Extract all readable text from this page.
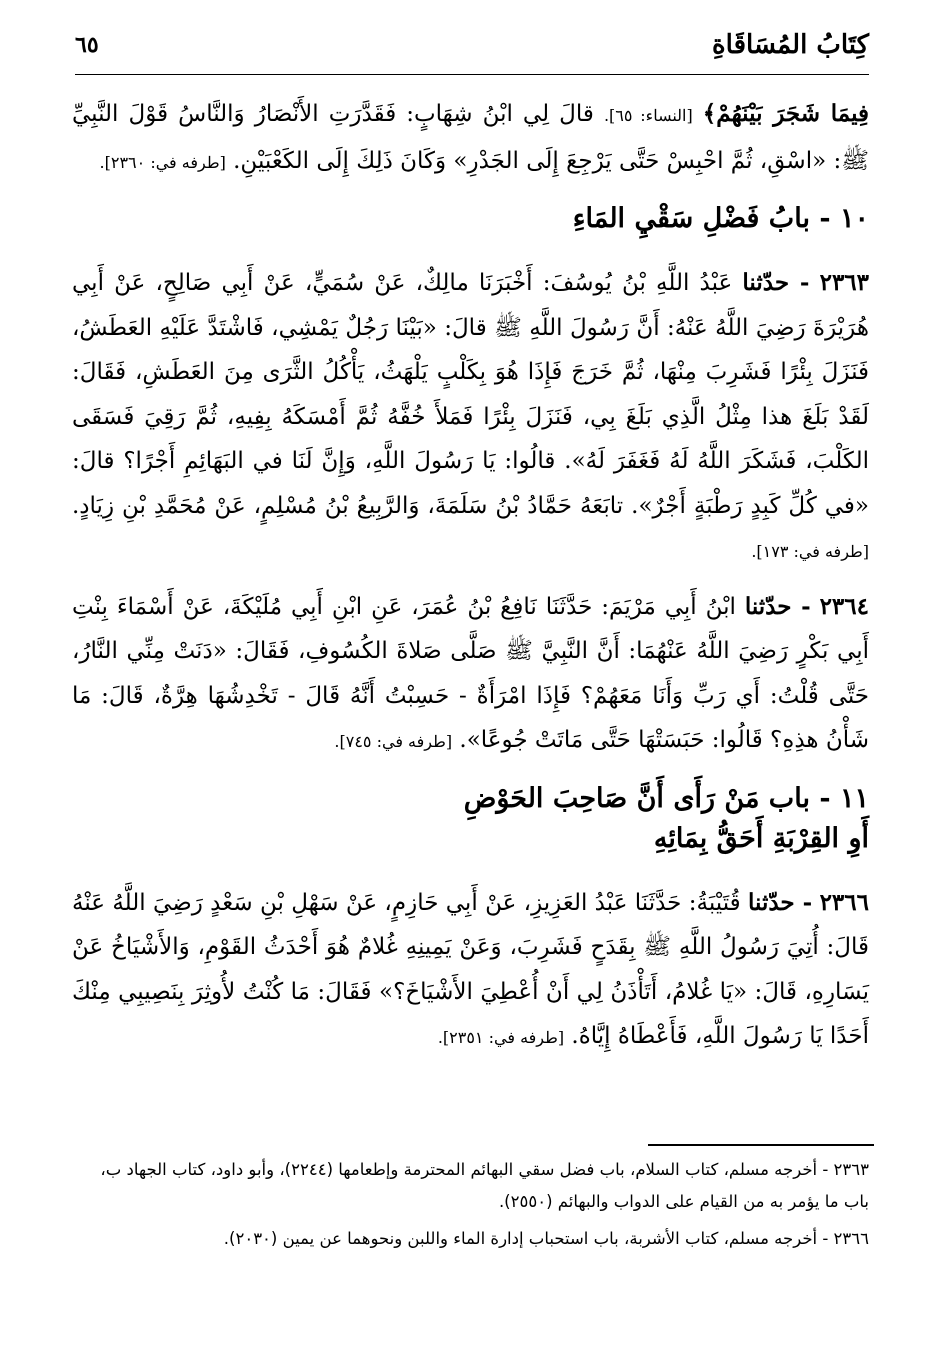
كِتَابُ المُسَاقَاةِ
٦٥

فِيمَا شَجَرَ بَيْنَهُمْ﴾ [النساء: ٦٥]. قالَ لِي ابْنُ شِهَابٍ: فَقَدَّرَتِ الأَنْصَارُ وَالنَّاسُ قَوْلَ النَّبِيِّ ﷺ: «اسْقِ، ثُمَّ احْبِسْ حَتَّى يَرْجِعَ إِلَى الجَدْرِ» وَكَانَ ذَلِكَ إِلَى الكَعْبَيْنِ. [طرفه في: ٢٣٦٠].

١٠ - بابُ فَضْلِ سَقْيِ المَاءِ

٢٣٦٣ - حدّثنا عَبْدُ اللَّهِ بْنُ يُوسُفَ: أَخْبَرَنَا مالِكٌ، عَنْ سُمَيٍّ، عَنْ أَبِي صَالِحٍ، عَنْ أَبِي هُرَيْرَةَ رَضِيَ اللَّهُ عَنْهُ: أَنَّ رَسُولَ اللَّهِ ﷺ قالَ: «بَيْنَا رَجُلٌ يَمْشِي، فَاشْتَدَّ عَلَيْهِ العَطَشُ، فَنَزَلَ بِئْرًا فَشَرِبَ مِنْهَا، ثُمَّ خَرَجَ فَإِذَا هُوَ بِكَلْبٍ يَلْهَثُ، يَأْكُلُ الثَّرَى مِنَ العَطَشِ، فَقَالَ: لَقَدْ بَلَغَ هذا مِثْلُ الَّذِي بَلَغَ بِي، فَنَزَلَ بِئْرًا فَمَلأَ خُفَّهُ ثُمَّ أَمْسَكَهُ بِفِيهِ، ثُمَّ رَقِيَ فَسَقَى الكَلْبَ، فَشَكَرَ اللَّهُ لَهُ فَغَفَرَ لَهُ». قالُوا: يَا رَسُولَ اللَّهِ، وَإِنَّ لَنَا في البَهَائِمِ أَجْرًا؟ قالَ: «في كُلِّ كَبِدٍ رَطْبَةٍ أَجْرٌ». تابَعَهُ حَمَّادُ بْنُ سَلَمَةَ، وَالرَّبِيعُ بْنُ مُسْلِمٍ، عَنْ مُحَمَّدِ بْنِ زِيَادٍ. [طرفه في: ١٧٣].

٢٣٦٤ - حدّثنا ابْنُ أَبِي مَرْيَمَ: حَدَّثَنَا نَافِعُ بْنُ عُمَرَ، عَنِ ابْنِ أَبِي مُلَيْكَةَ، عَنْ أَسْمَاءَ بِنْتِ أَبِي بَكْرٍ رَضِيَ اللَّهُ عَنْهُمَا: أَنَّ النَّبِيَّ ﷺ صَلَّى صَلاةَ الكُسُوفِ، فَقَالَ: «دَنَتْ مِنِّي النَّارُ، حَتَّى قُلْتُ: أَي رَبِّ وَأَنَا مَعَهُمْ؟ فَإِذَا امْرَأَةٌ - حَسِبْتُ أَنَّهُ قَالَ - تَخْدِشُهَا هِرَّةٌ، قَالَ: مَا شَأْنُ هذِهِ؟ قَالُوا: حَبَسَتْهَا حَتَّى مَاتَتْ جُوعًا». [طرفه في: ٧٤٥].

١١ - باب مَنْ رَأَى أَنَّ صَاحِبَ الحَوْضِ
أَوِ القِرْبَةِ أَحَقُّ بِمَائِهِ

٢٣٦٦ - حدّثنا قُتَيْبَةُ: حَدَّثَنَا عَبْدُ العَزِيزِ، عَنْ أَبِي حَازِمٍ، عَنْ سَهْلِ بْنِ سَعْدٍ رَضِيَ اللَّهُ عَنْهُ قَالَ: أُتِيَ رَسُولُ اللَّهِ ﷺ بِقَدَحٍ فَشَرِبَ، وَعَنْ يَمِينِهِ غُلامٌ هُوَ أَحْدَثُ القَوْمِ، وَالأَشْيَاخُ عَنْ يَسَارِهِ، قَالَ: «يَا غُلامُ، أَتَأْذَنُ لِي أَنْ أُعْطِيَ الأَشْيَاخَ؟» فَقَالَ: مَا كُنْتُ لأُوثِرَ بِنَصِيبِي مِنْكَ أَحَدًا يَا رَسُولَ اللَّهِ، فَأَعْطَاهُ إِيَّاهُ. [طرفه في: ٢٣٥١].

٢٣٦٣ - أخرجه مسلم، كتاب السلام، باب فضل سقي البهائم المحترمة وإطعامها (٢٢٤٤)، وأبو داود، كتاب الجهاد ب، باب ما يؤمر به من القيام على الدواب والبهائم (٢٥٥٠).

٢٣٦٦ - أخرجه مسلم، كتاب الأشربة، باب استحباب إدارة الماء واللبن ونحوهما عن يمين (٢٠٣٠).
